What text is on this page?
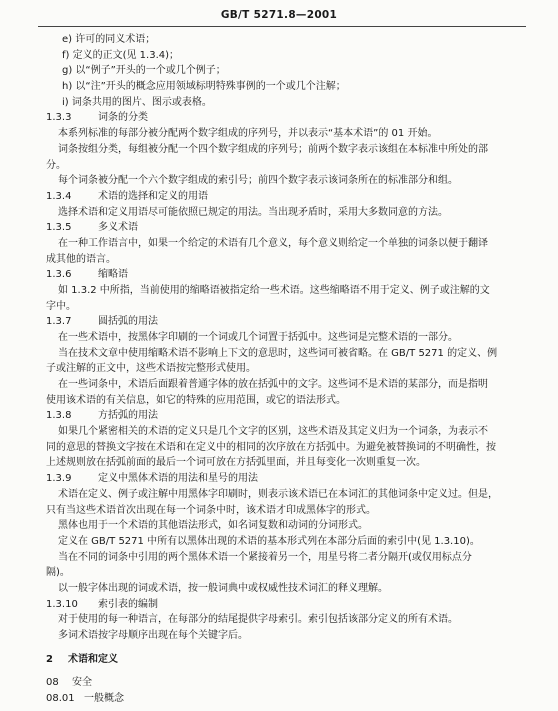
GB/T 5271.8—2001
e) 许可的同义术语；
f) 定义的正文(见 1.3.4)；
g) 以“例子”开头的一个或几个例子；
h) 以“注”开头的概念应用领域标明特殊事例的一个或几个注解；
i) 词条共用的图片、图示或表格。
1.3.3	词条的分类
本系列标准的每部分被分配两个数字组成的序列号，并以表示“基本术语”的 01 开始。
词条按组分类，每组被分配一个四个数字组成的序列号；前两个数字表示该组在本标准中所处的部
分。
每个词条被分配一个六个数字组成的索引号；前四个数字表示该词条所在的标准部分和组。
1.3.4	术语的选择和定义的用语
选择术语和定义用语尽可能依照已规定的用法。当出现矛盾时，采用大多数同意的方法。
1.3.5	多义术语
在一种工作语言中，如果一个给定的术语有几个意义，每个意义则给定一个单独的词条以便于翻译
成其他的语言。
1.3.6	缩略语
如 1.3.2 中所指，当前使用的缩略语被指定给一些术语。这些缩略语不用于定义、例子或注解的文
字中。
1.3.7	圆括弧的用法
在一些术语中，按黑体字印刷的一个词或几个词置于括弧中。这些词是完整术语的一部分。
当在技术文章中使用缩略术语不影响上下文的意思时，这些词可被省略。在 GB/T 5271 的定义、例
子或注解的正文中，这些术语按完整形式使用。
在一些词条中，术语后面跟着普通字体的放在括弧中的文字。这些词不是术语的某部分，而是指明
使用该术语的有关信息，如它的特殊的应用范围，或它的语法形式。
1.3.8	方括弧的用法
如果几个紧密相关的术语的定义只是几个文字的区别，这些术语及其定义归为一个词条，为表示不
同的意思的替换文字按在术语和在定义中的相同的次序放在方括弧中。为避免被替换词的不明确性，按
上述规则放在括弧前面的最后一个词可放在方括弧里面，并且每变化一次则重复一次。
1.3.9	定义中黑体术语的用法和星号的用法
术语在定义、例子或注解中用黑体字印刷时，则表示该术语已在本词汇的其他词条中定义过。但是，
只有当这些术语首次出现在每一个词条中时，该术语才印成黑体字的形式。
黑体也用于一个术语的其他语法形式，如名词复数和动词的分词形式。
定义在 GB/T 5271 中所有以黑体出现的术语的基本形式列在本部分后面的索引中(见 1.3.10)。
当在不同的词条中引用的两个黑体术语一个紧接着另一个，用星号将二者分隔开(或仅用标点分
隔)。
以一般字体出现的词或术语，按一般词典中或权威性技术词汇的释义理解。
1.3.10 索引表的编制
对于使用的每一种语言，在每部分的结尾提供字母索引。索引包括该部分定义的所有术语。
多词术语按字母顺序出现在每个关键字后。
2 术语和定义
08 安全
08.01 一般概念
